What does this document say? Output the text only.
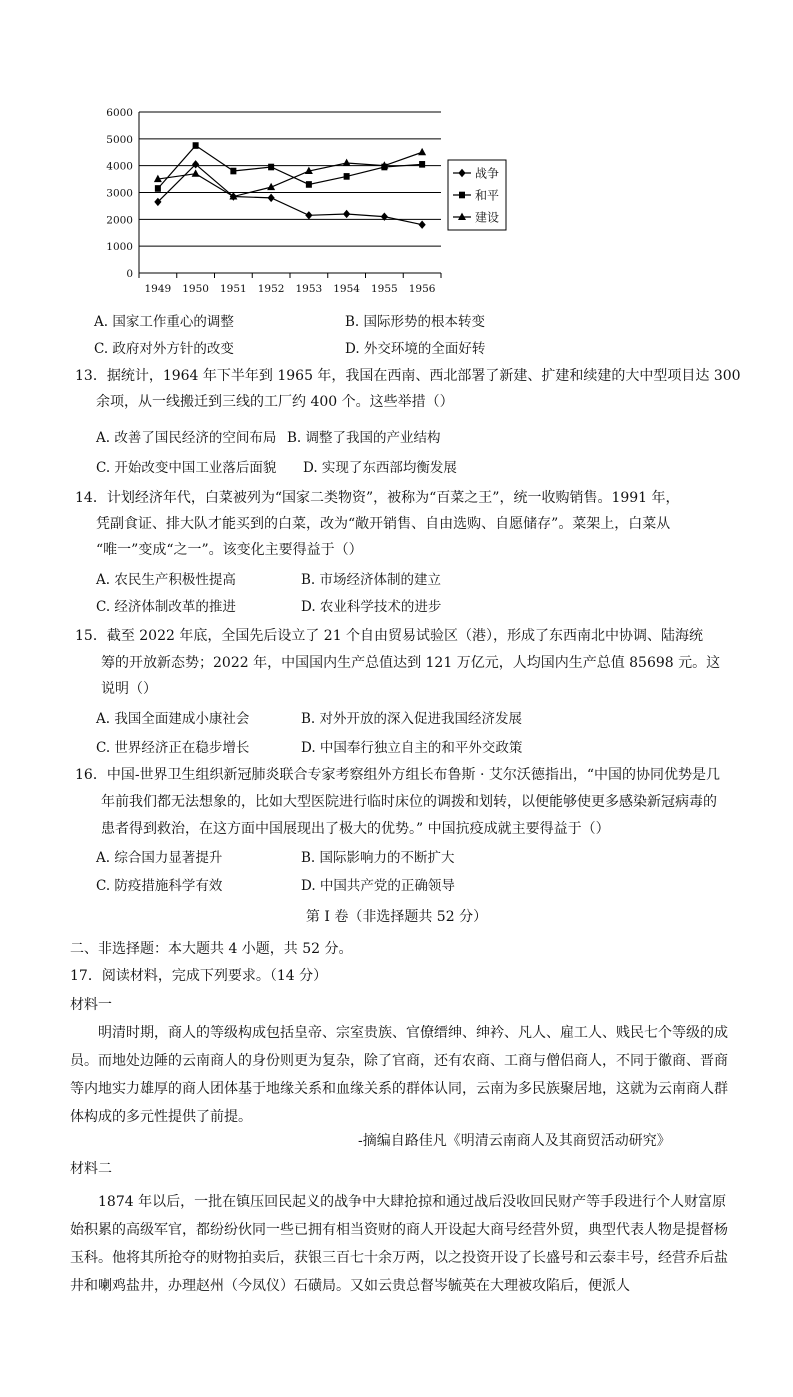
0
1000
2000
3000
4000
5000
6000
1949 1950 1951 1952 1953 1954 1955 1956
战争
和平
建设
A. 国家工作重心的调整	B. 国际形势的根本转变
C. 政府对外方针的改变	D. 外交环境的全面好转
13．据统计，1964 年下半年到 1965 年，我国在西南、西北部署了新建、扩建和续建的大中型项目达 300
余项，从一线搬迁到三线的工厂约 400 个。这些举措（）
A. 改善了国民经济的空间布局 B. 调整了我国的产业结构
C. 开始改变中国工业落后面貌 D. 实现了东西部均衡发展
14．计划经济年代，白菜被列为“国家二类物资”，被称为“百菜之王”，统一收购销售。1991 年，
凭副食证、排大队才能买到的白菜，改为“敞开销售、自由选购、自愿储存”。菜架上，白菜从
“唯一”变成“之一”。该变化主要得益于（）
A. 农民生产积极性提高	B. 市场经济体制的建立
C. 经济体制改革的推进	D. 农业科学技术的进步
15．截至 2022 年底，全国先后设立了 21 个自由贸易试验区（港），形成了东西南北中协调、陆海统
筹的开放新态势；2022 年，中国国内生产总值达到 121 万亿元，人均国内生产总值 85698 元。这
说明（）
A. 我国全面建成小康社会	B. 对外开放的深入促进我国经济发展
C. 世界经济正在稳步增长	D. 中国奉行独立自主的和平外交政策
16．中国-世界卫生组织新冠肺炎联合专家考察组外方组长布鲁斯 · 艾尔沃德指出，“中国的协同优势是几
年前我们都无法想象的，比如大型医院进行临时床位的调拨和划转，以便能够使更多感染新冠病毒的
患者得到救治，在这方面中国展现出了极大的优势。” 中国抗疫成就主要得益于（）
A. 综合国力显著提升	B. 国际影响力的不断扩大
C. 防疫措施科学有效	D. 中国共产党的正确领导
第 I 卷（非选择题共 52 分）
二、非选择题：本大题共 4 小题，共 52 分。
17．阅读材料，完成下列要求。（14 分）
材料一
明清时期，商人的等级构成包括皇帝、宗室贵族、官僚缙绅、绅衿、凡人、雇工人、贱民七个等级的成员。而地处边陲的云南商人的身份则更为复杂，除了官商，还有农商、工商与僧侣商人，不同于徽商、晋商等内地实力雄厚的商人团体基于地缘关系和血缘关系的群体认同，云南为多民族聚居地，这就为云南商人群体构成的多元性提供了前提。
-摘编自路佳凡《明清云南商人及其商贸活动研究》
材料二
1874 年以后，一批在镇压回民起义的战争中大肆抢掠和通过战后没收回民财产等手段进行个人财富原始积累的高级军官，都纷纷伙同一些已拥有相当资财的商人开设起大商号经营外贸，典型代表人物是提督杨玉科。他将其所抢夺的财物拍卖后，获银三百七十余万两，以之投资开设了长盛号和云泰丰号，经营乔后盐井和喇鸡盐井，办理赵州（今凤仪）石磺局。又如云贵总督岑毓英在大理被攻陷后，便派人
